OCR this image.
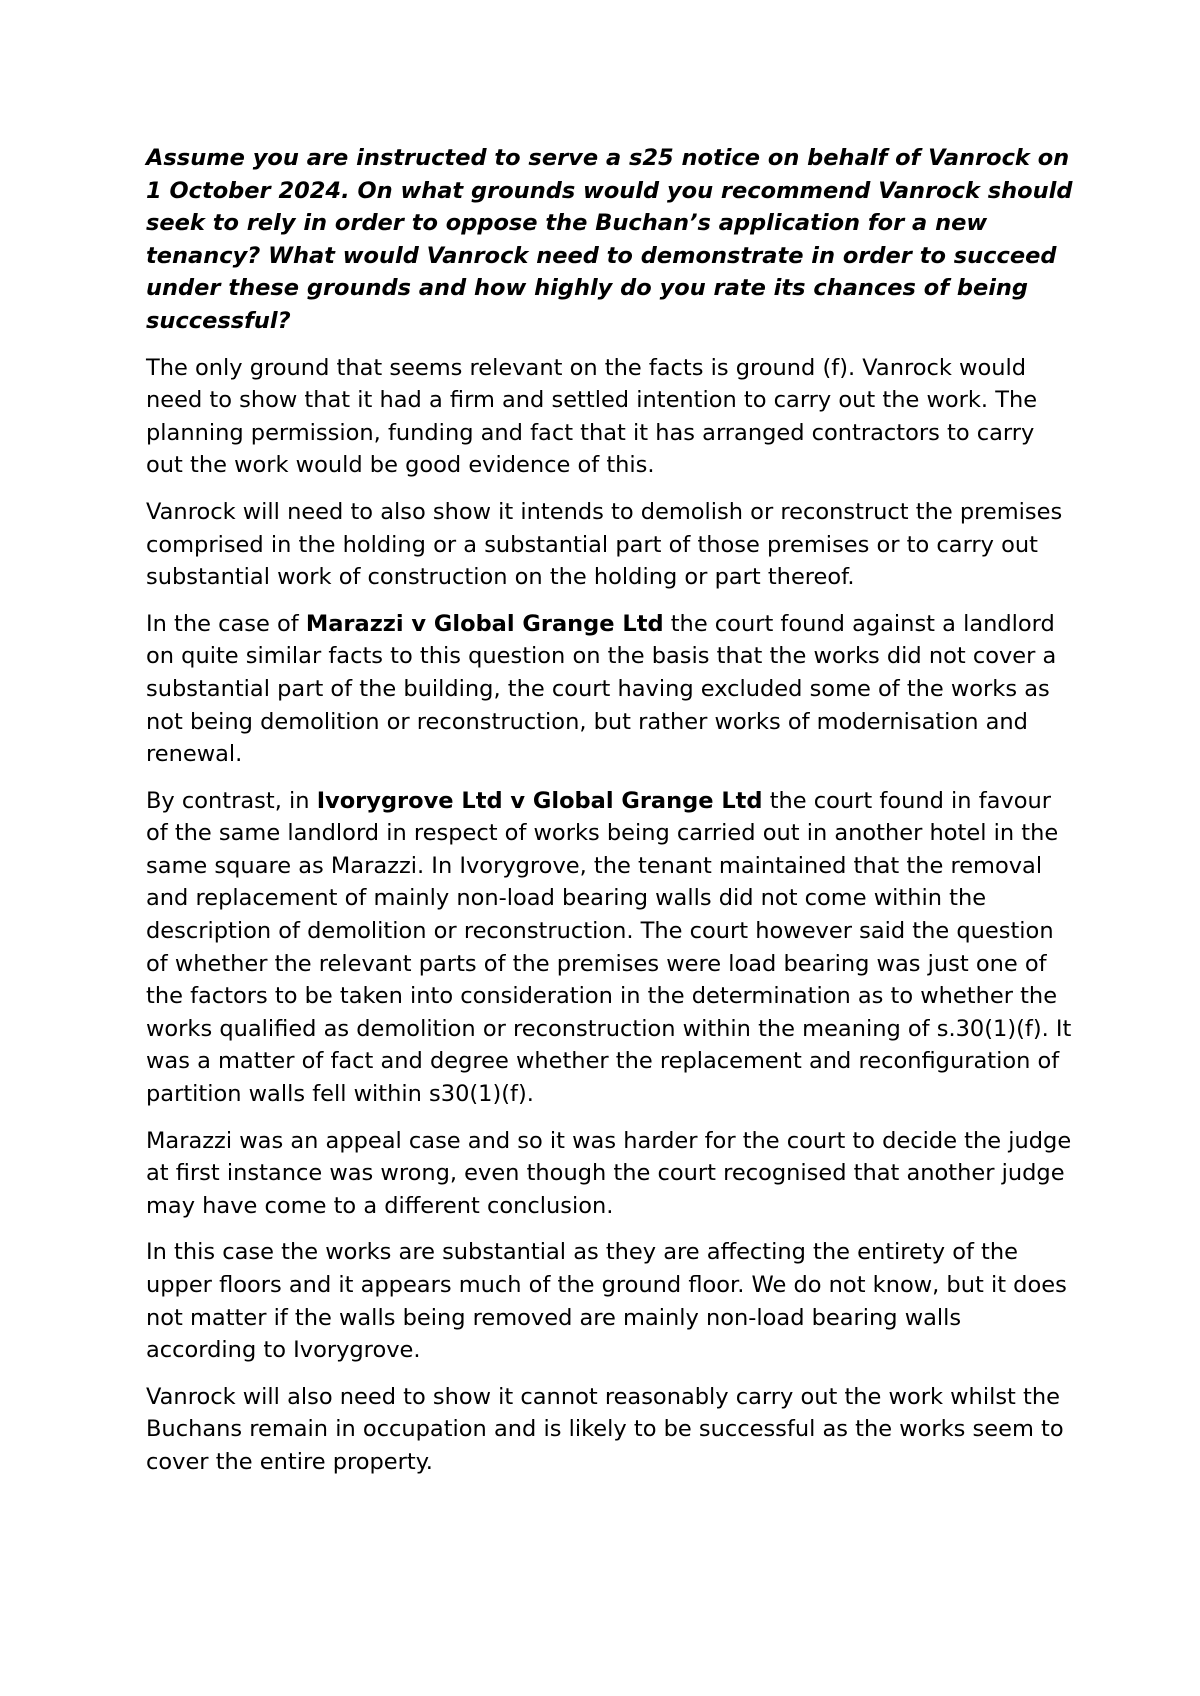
Assume you are instructed to serve a s25 notice on behalf of Vanrock on 1 October 2024. On what grounds would you recommend Vanrock should seek to rely in order to oppose the Buchan’s application for a new tenancy? What would Vanrock need to demonstrate in order to succeed under these grounds and how highly do you rate its chances of being successful?

The only ground that seems relevant on the facts is ground (f). Vanrock would need to show that it had a firm and settled intention to carry out the work. The planning permission, funding and fact that it has arranged contractors to carry out the work would be good evidence of this.

Vanrock will need to also show it intends to demolish or reconstruct the premises comprised in the holding or a substantial part of those premises or to carry out substantial work of construction on the holding or part thereof.

In the case of Marazzi v Global Grange Ltd the court found against a landlord on quite similar facts to this question on the basis that the works did not cover a substantial part of the building, the court having excluded some of the works as not being demolition or reconstruction, but rather works of modernisation and renewal.

By contrast, in Ivorygrove Ltd v Global Grange Ltd the court found in favour of the same landlord in respect of works being carried out in another hotel in the same square as Marazzi. In Ivorygrove, the tenant maintained that the removal and replacement of mainly non-load bearing walls did not come within the description of demolition or reconstruction. The court however said the question of whether the relevant parts of the premises were load bearing was just one of the factors to be taken into consideration in the determination as to whether the works qualified as demolition or reconstruction within the meaning of s.30(1)(f). It was a matter of fact and degree whether the replacement and reconfiguration of partition walls fell within s30(1)(f).

Marazzi was an appeal case and so it was harder for the court to decide the judge at first instance was wrong, even though the court recognised that another judge may have come to a different conclusion.

In this case the works are substantial as they are affecting the entirety of the upper floors and it appears much of the ground floor. We do not know, but it does not matter if the walls being removed are mainly non-load bearing walls according to Ivorygrove.

Vanrock will also need to show it cannot reasonably carry out the work whilst the Buchans remain in occupation and is likely to be successful as the works seem to cover the entire property.
